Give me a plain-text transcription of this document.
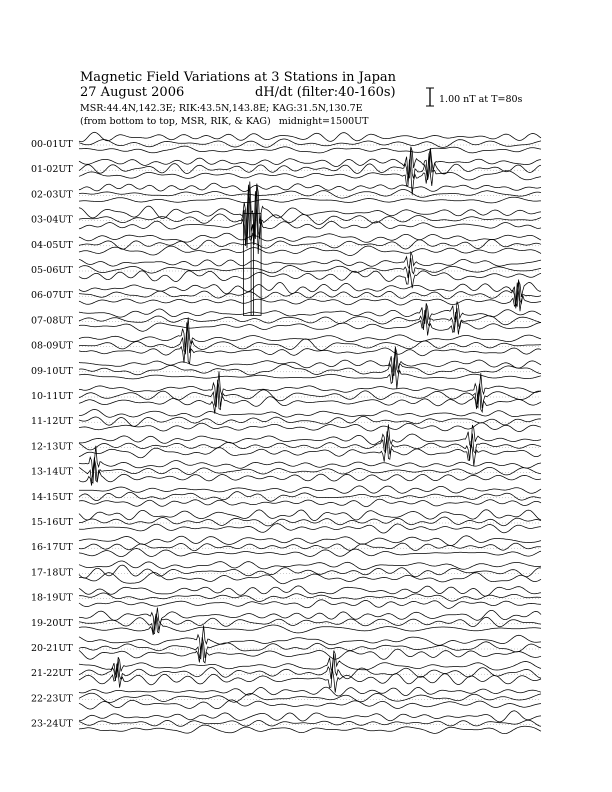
Magnetic Field Variations at 3 Stations in Japan
27 August 2006	dH/dt (filter:40-160s)
MSR:44.4N,142.3E; RIK:43.5N,143.8E; KAG:31.5N,130.7E
(from bottom to top, MSR, RIK, & KAG) midnight=1500UT
1.00 nT at T=80s
00-01UT
01-02UT
02-03UT
03-04UT
04-05UT
05-06UT
06-07UT
07-08UT
08-09UT
09-10UT
10-11UT
11-12UT
12-13UT
13-14UT
14-15UT
15-16UT
16-17UT
17-18UT
18-19UT
19-20UT
20-21UT
21-22UT
22-23UT
23-24UT
